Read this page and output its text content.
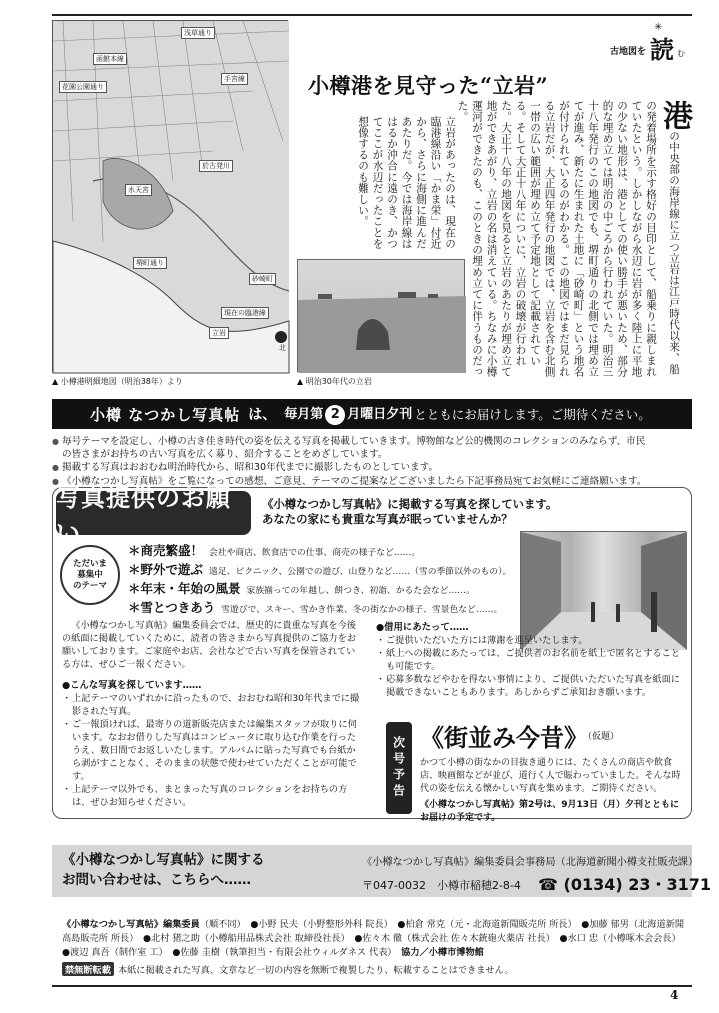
浅草通り
函館本線
花園公園通り
手宮線
於古発川
水天宮
堺町通り
砂崎町
現在の臨港線
立岩
北
▲ 小樽港明細地図（明治38年）より	▲ 明治30年代の立岩
✳
古地図を 読 む
小樽港を見守った“立岩”
港の中央部の海岸線に立つ立岩は江戸時代以来、船の発着場所を示す格好の目印として、船乗りに親しまれていたという。しかしながら水辺に岩が多く陸上に平地の少ない地形は、港としての使い勝手が悪いため、部分的な埋め立ては明治の中ごろから行われていた。明治三十八年発行のこの地図でも、堺町通りの北側では埋め立てが進み、新たに生まれた土地に「砂崎町」という地名が付けられているのがわかる。この地図ではまだ見られる立岩だが、大正四年発行の地図では、立岩を含む北側一帯の広い範囲が埋め立て予定地として記載されている。そして大正十八年についに、立岩の破壊が行われた。大正十八年の地図を見ると立岩のあたりが埋め立て地ができあがり、立岩の名は消えている。ちなみに小樽運河ができたのも、このときの埋め立てに伴うものだった。
立岩があったのは、現在の臨港線沿い「かま栄」付近から、さらに海側に進んだあたりだ。今では海岸線ははるか沖合に遠のき、かつてここが水辺だったことを想像するのも難しい。
小樽 なつかし写真帖 は、 毎月第 2 月曜日夕刊 とともにお届けします。ご期待ください。
● 毎号テーマを設定し、小樽の古き佳き時代の姿を伝える写真を掲載していきます。博物館など公的機関のコレクションのみならず、市民
の皆さまがお持ちの古い写真を広く募り、紹介することをめざしています。
● 掲載する写真はおおむね明治時代から、昭和30年代までに撮影したものとしています。
● 《小樽なつかし写真帖》をご覧になっての感想、ご意見、テーマのご提案などございましたら下記事務局宛てお気軽にご連絡願います。
写真提供のお願い
《小樽なつかし写真帖》に掲載する写真を探しています。
あなたの家にも貴重な写真が眠っていませんか？
ただいま
募集中
のテーマ
＊商売繁盛！ 会社や商店、飲食店での仕事、商売の様子など……。
＊野外で遊ぶ 遠足、ピクニック、公園での遊び、山登りなど……（雪の季節以外のもの）。
＊年末・年始の風景 家族揃っての年越し、餅つき、初詣、かるた会など……。
＊雪とつきあう 雪遊びで、スキー、雪かき作業、冬の街なかの様子、雪景色など……。

《小樽なつかし写真帖》編集委員会では、歴史的に貴重な写真を今後の紙面に掲載していくために、読者の皆さまから写真提供のご協力をお願いしております。ご家庭やお店、会社などで古い写真を保管されている方は、ぜひご一報ください。

●こんな写真を探しています……
・ 上記テーマのいずれかに沿ったもので、おおむね昭和30年代までに撮影された写真。
・ ご一報頂ければ、最寄りの道新販売店または編集スタッフが取りに伺います。なおお借りした写真はコンピュータに取り込む作業を行ったうえ、数日間でお返しいたします。アルバムに貼った写真でも台紙から剥がすことなく、そのままの状態で使わせていただくことが可能です。
・ 上記テーマ以外でも、まとまった写真のコレクションをお持ちの方は、ぜひお知らせください。
●借用にあたって……
・ ご提供いただいた方には薄謝を進呈いたします。
・ 紙上への掲載にあたっては、ご提供者のお名前を紙上で匿名とすることも可能です。
・ 応募多数などやむを得ない事情により、ご提供いただいた写真を紙面に掲載できないこともあります。あしからずご承知おき願います。
次号予告 《街並み今昔》
（仮題）

かつて小樽の街なかの目抜き通りには、たくさんの商店や飲食店、映画館などが並び、道行く人で賑わっていました。そんな時代の姿を伝える懐かしい写真を集めます。ご期待ください。

《小樽なつかし写真帖》第2号は、9月13日（月）夕刊とともにお届けの予定です。

《小樽なつかし写真帖》に関する
お問い合わせは、こちらへ……
《小樽なつかし写真帖》編集委員会事務局（北海道新聞小樽支社販売課）
〒047-0032　小樽市稲穂2-8-4 ☎ (0134) 23・3171
《小樽なつかし写真帖》編集委員（順不同）　●小野 民夫（小野整形外科 院長）　●柏倉 常克（元・北海道新聞販売所 所長）　●加藤 郁男（北海道新聞高島販売所 所長）　●北村 猪之助（小樽船用品株式会社 取締役社長）　●佐々木 徹（株式会社 佐々木銃砲火薬店 社長）　●水口 忠（小樽啄木会会長）　●渡辺 真吾（制作室 工）　●佐藤 圭樹（執筆担当・有限会社ウィルダネス 代表）　 協力／小樽市博物館
禁無断転載 本紙に掲載された写真、文章など一切の内容を無断で複製したり、転載することはできません。
4
